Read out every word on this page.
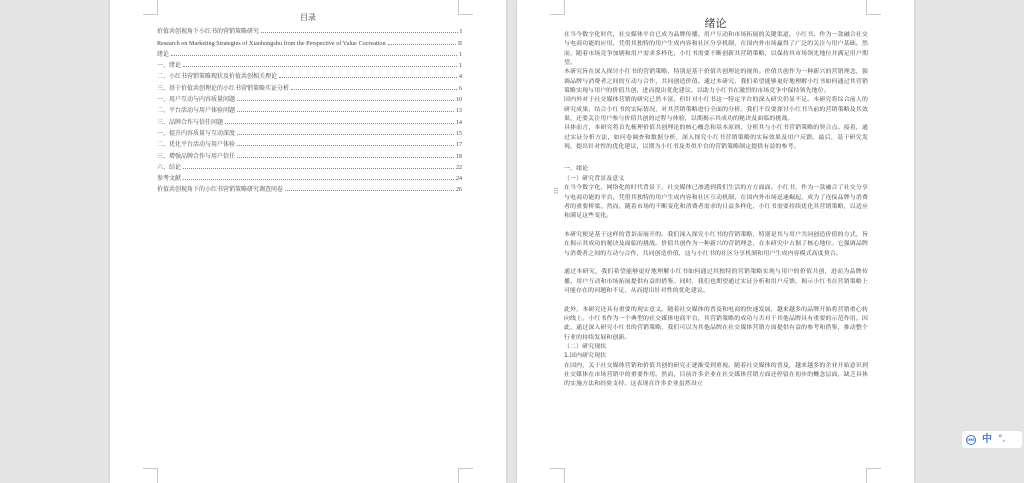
目录
价值共创视角下小红书的营销策略研究	I
Research on Marketing Strategies of Xiaohongshu from the Perspective of Value Cocreation	II
绪论	1
一、绪论	1
二、小红书营销策略现状及价值共创相关理论	4
三、基于价值共创理论的小红书营销策略实证分析	6
一、用户互动与内容质量问题	10
二、平台活动与用户体验问题	13
三、品牌合作与信任问题	14
一、提升内容质量与互动深度	15
二、优化平台活动与用户体验	17
三、增强品牌合作与用户信任	18
六、结论	22
参考文献	24
价值共创视角下的小红书营销策略研究调查问卷	26
绪论

在当今数字化时代，社交媒体平台已成为品牌传播、用户互动和市场拓展的关键渠道。小红书，作为一款融合社交与电商功能的应用，凭借其独特的用户生成内容和社区分享机制，在国内外市场赢得了广泛的关注与用户基础。然而，随着市场竞争加剧和用户需求多样化，小红书需要不断创新其营销策略，以保持其市场领先地位并满足用户期望。

本研究旨在深入探讨小红书的营销策略，特别是基于价值共创理论的视角。价值共创作为一种新兴的营销理念，强调品牌与消费者之间的互动与合作，共同创造价值。通过本研究，我们希望能够更好地理解小红书如何通过其营销策略实现与用户的价值共创，进而提出优化建议，以助力小红书在激烈的市场竞争中保持领先地位。

国内外对于社交媒体营销的研究已然丰富，但针对小红书这一特定平台的深入研究仍显不足。本研究将综合前人的研究成果，结合小红书的实际情况，对其营销策略进行全面的分析。我们不仅要探讨小红书当前的营销策略及其效果，还要关注用户参与价值共创的过程与体验，以期揭示其成功的秘诀及面临的挑战。

具体而言，本研究将首先梳理价值共创理论的核心概念和基本原则，分析其与小红书营销策略的契合点。接着，通过实证分析方法，如问卷调查和数据分析，深入探究小红书营销策略的实际效果及用户反馈。最后，基于研究发现，提出针对性的优化建议，以期为小红书及类似平台的营销策略制定提供有益的参考。

一、绪论

（一）研究背景及意义

在当今数字化、网络化的时代背景下，社交媒体已渗透到我们生活的方方面面。小红书，作为一款融合了社交分享与电商功能的平台，凭借其独特的用户生成内容和社区互动机制，在国内外市场迅速崛起，成为了连接品牌与消费者的重要桥梁。然而，随着市场的不断变化和消费者需求的日益多样化，小红书需要持续优化其营销策略，以适应和满足这些变化。

本研究便是基于这样的背景而展开的。我们深入探究小红书的营销策略，特别是其与用户共同创造价值的方式，旨在揭示其成功的秘诀及面临的挑战。价值共创作为一种新兴的营销理念，在本研究中占据了核心地位。它强调品牌与消费者之间的互动与合作，共同创造价值，这与小红书的社区分享机制和用户生成内容模式高度契合。

通过本研究，我们希望能够更好地理解小红书如何通过其独特的营销策略实现与用户的价值共创，进而为品牌传播、用户互动和市场拓展提供有益的借鉴。同时，我们也期望通过实证分析和用户反馈，揭示小红书在营销策略上可能存在的问题和不足，从而提出针对性的优化建议。

此外，本研究还具有重要的现实意义。随着社交媒体的普及和电商的快速发展，越来越多的品牌开始将营销重心转向线上。小红书作为一个典型的社交媒体电商平台，其营销策略的成功与否对于其他品牌具有重要的示范作用。因此，通过深入研究小红书的营销策略，我们可以为其他品牌在社交媒体营销方面提供有益的参考和借鉴，推动整个行业的持续发展和创新。

（二）研究现状

1.国内研究现状

在国内，关于社交媒体营销和价值共创的研究正逐渐受到重视。随着社交媒体的普及，越来越多的企业开始意识到社交媒体在市场营销中的重要作用。然而，目前许多企业在社交媒体营销方面还停留在初步的概念层面，缺乏具体的实施方法和经验支持。这表现在许多企业虽然设立

⠿
IME 中 °,
